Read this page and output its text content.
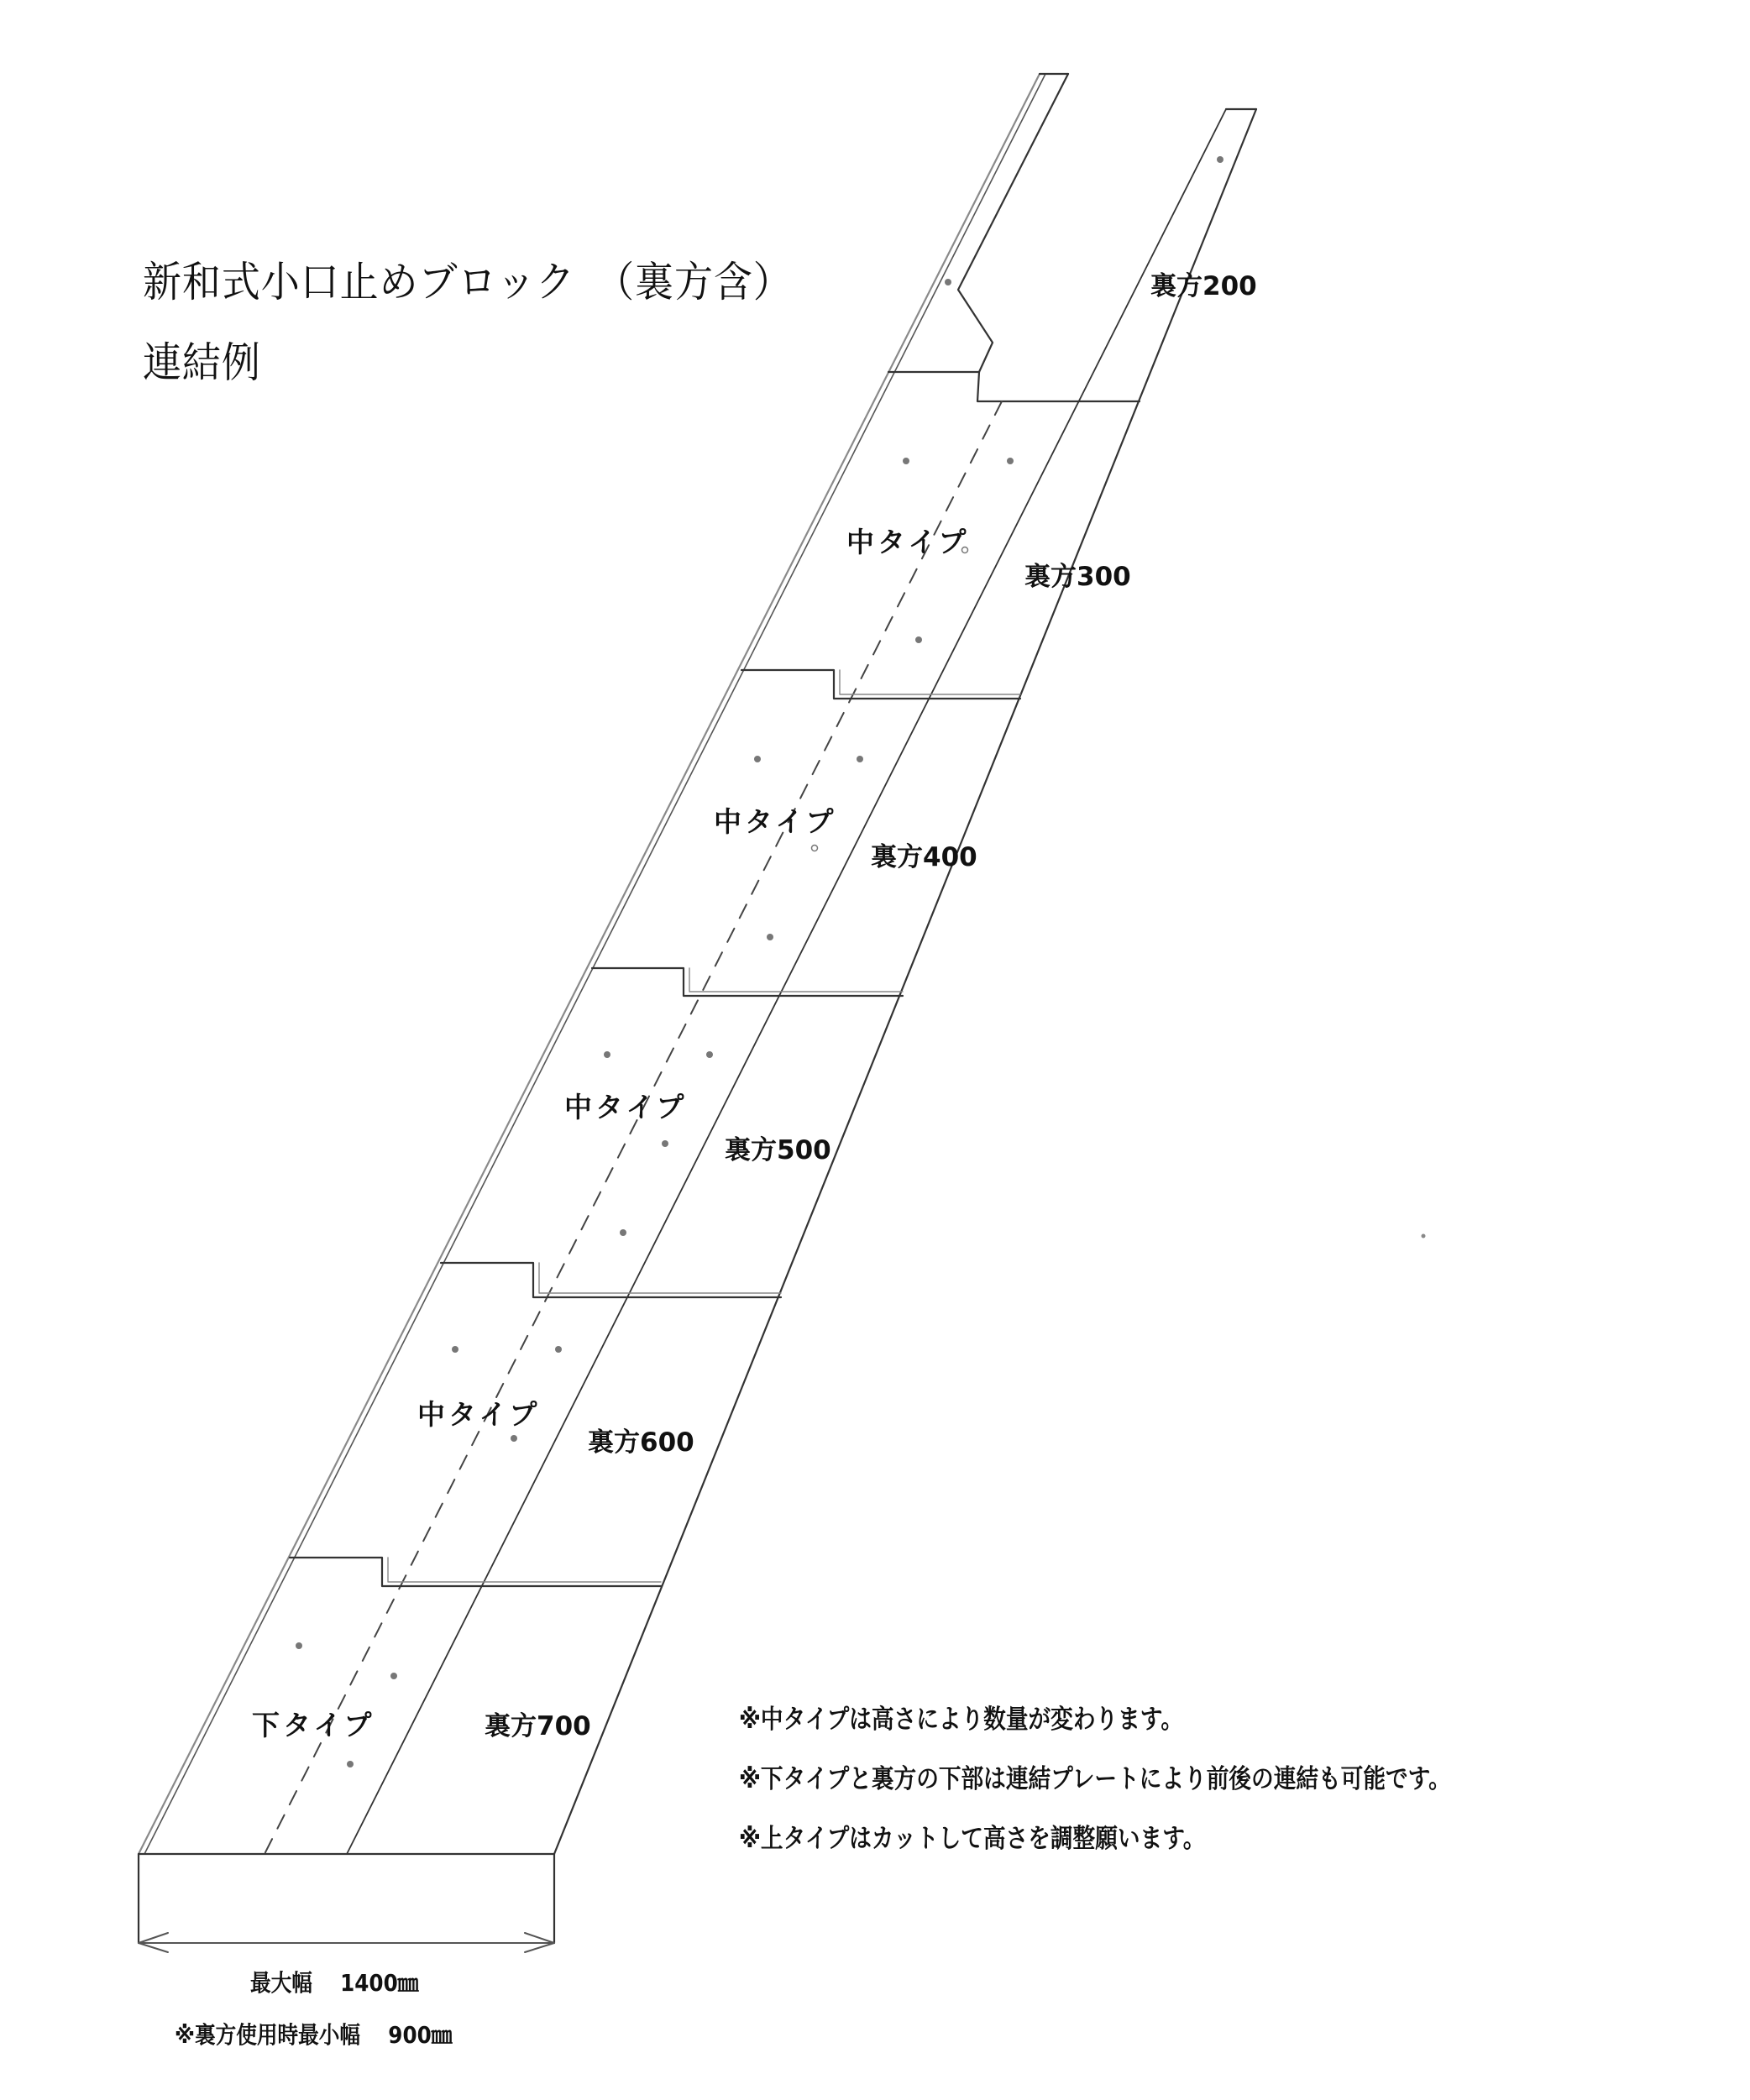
新和式小口止めブロック　（裏方含）
連結例
裏方200
中タイプ
裏方300
中タイプ
裏方400
中タイプ
裏方500
中タイプ
裏方600
下タイプ	裏方700	※中タイプは高さにより数量が変わります。
※下タイプと裏方の下部は連結プレートにより前後の連結も可能です。
※上タイプはカットして高さを調整願います。
最大幅　 1400㎜
※裏方使用時最小幅　 900㎜
